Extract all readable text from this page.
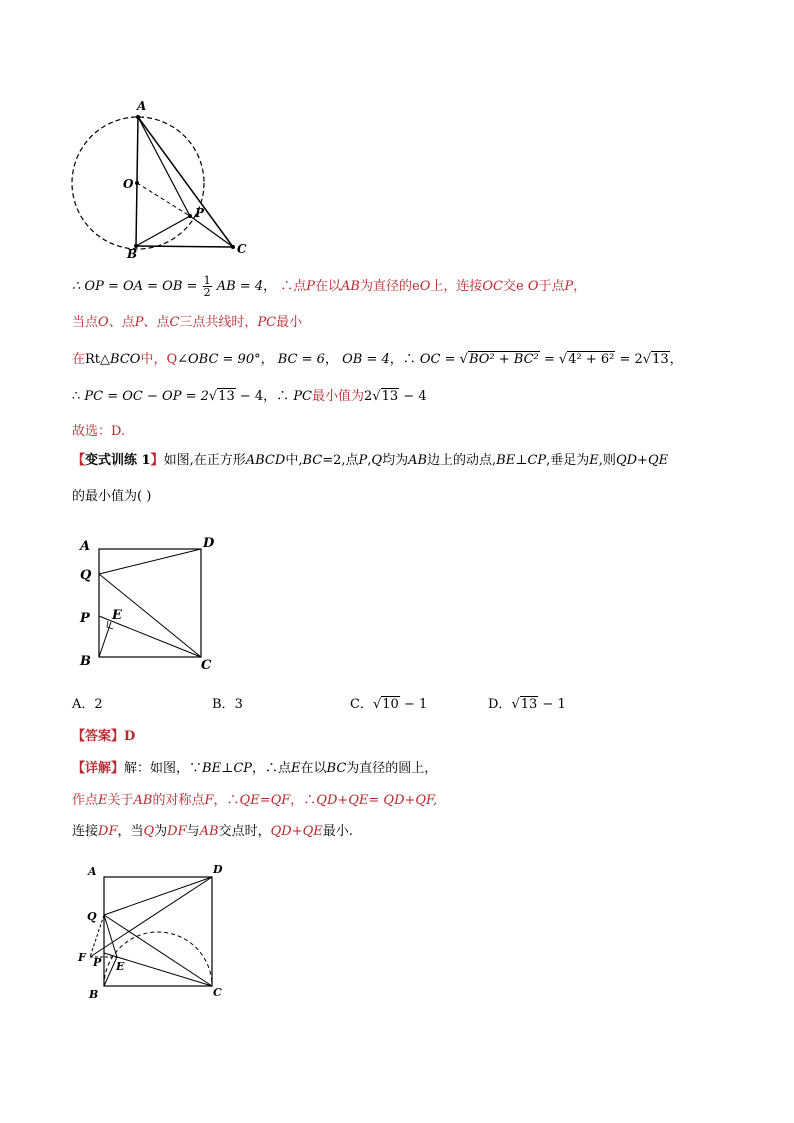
A
O
P
B	C
∴ OP = OA = OB = $\frac{1}{2}$ AB = 4， ∴点P在以AB为直径的eO上，连接OC交e O于点P，
当点O、点P、点C三点共线时，PC最小
在Rt△BCO中，Q∠OBC = 90°， BC = 6， OB = 4，∴ OC = √BO² + BC² = √4² + 6² = 2√13，
∴ PC = OC − OP = 2√13 − 4，∴ PC最小值为2√13 − 4
故选：D.
【变式训练 1】如图,在正方形ABCD中,BC=2,点P,Q均为AB边上的动点,BE⊥CP,垂足为E,则QD+QE
的最小值为( )
A	D
Q
P E
B	C
A．2	B．3	C．√10 − 1	D．√13 − 1
【答案】D
【详解】解：如图，∵BE⊥CP，∴点E在以BC为直径的圆上，
作点E关于AB的对称点F，∴QE=QF，∴QD+QE= QD+QF,
连接DF，当Q为DF与AB交点时，QD+QE最小.
A	D
Q
F P E
B	C
